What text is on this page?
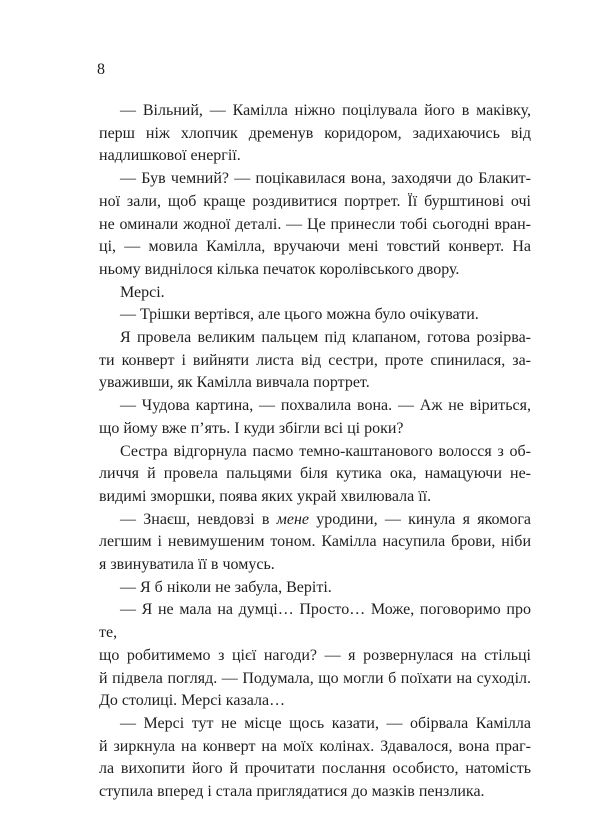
8
— Вільний, — Камілла ніжно поцілувала його в маківку,
перш ніж хлопчик дременув коридором, задихаючись від
надлишкової енергії.
— Був чемний? — поцікавилася вона, заходячи до Блакит-
ної зали, щоб краще роздивитися портрет. Її бурштинові очі
не оминали жодної деталі. — Це принесли тобі сьогодні вран-
ці, — мовила Камілла, вручаючи мені товстий конверт. На
ньому виднілося кілька печаток королівського двору.
Мерсі.
— Трішки вертівся, але цього можна було очікувати.
Я провела великим пальцем під клапаном, готова розірва-
ти конверт і вийняти листа від сестри, проте спинилася, за-
уваживши, як Камілла вивчала портрет.
— Чудова картина, — похвалила вона. — Аж не віриться,
що йому вже п’ять. І куди збігли всі ці роки?
Сестра відгорнула пасмо темно-каштанового волосся з об-
личчя й провела пальцями біля кутика ока, намацуючи не-
видимі зморшки, поява яких украй хвилювала її.
— Знаєш, невдовзі в мене уродини, — кинула я якомога
легшим і невимушеним тоном. Камілла насупила брови, ніби
я звинуватила її в чомусь.
— Я б ніколи не забула, Веріті.
— Я не мала на думці… Просто… Може, поговоримо про те,
що робитимемо з цієї нагоди? — я розвернулася на стільці
й підвела погляд. — Подумала, що могли б поїхати на суходіл.
До столиці. Мерсі казала…
— Мерсі тут не місце щось казати, — обірвала Камілла
й зиркнула на конверт на моїх колінах. Здавалося, вона праг-
ла вихопити його й прочитати послання особисто, натомість
ступила вперед і стала приглядатися до мазків пензлика.
